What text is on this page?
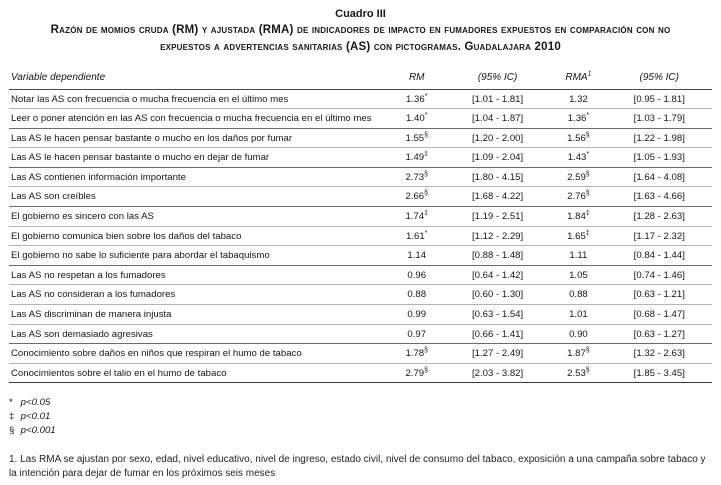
Cuadro III
Razón de momios cruda (RM) y ajustada (RMA) de indicadores de impacto en fumadores expuestos en comparación con no expuestos a advertencias sanitarias (AS) con pictogramas. Guadalajara 2010
Variable dependiente	RM	(95% IC)	RMA$^1$	(95% IC)
Notar las AS con frecuencia o mucha frecuencia en el último mes	1.36*	[1.01 - 1.81]	1.32	[0.95 - 1.81]
Leer o poner atención en las AS con frecuencia o mucha frecuencia en el último mes	1.40*	[1.04 - 1.87]	1.36*	[1.03 - 1.79]
Las AS le hacen pensar bastante o mucho en los daños por fumar	1.55§	[1.20 - 2.00]	1.56§	[1.22 - 1.98]
Las AS le hacen pensar bastante o mucho en dejar de fumar	1.49‡	[1.09 - 2.04]	1.43*	[1.05 - 1.93]
Las AS contienen información importante	2.73§	[1.80 - 4.15]	2.59§	[1.64 - 4.08]
Las AS son creíbles	2.66§	[1.68 - 4.22]	2.76§	[1.63 - 4.66]
El gobierno es sincero con las AS	1.74‡	[1.19 - 2.51]	1.84‡	[1.28 - 2.63]
El gobierno comunica bien sobre los daños del tabaco	1.61*	[1.12 - 2.29]	1.65‡	[1.17 - 2.32]
El gobierno no sabe lo suficiente para abordar el tabaquismo	1.14	[0.88 - 1.48]	1.11	[0.84 - 1.44]
Las AS no respetan a los fumadores	0.96	[0.64 - 1.42]	1.05	[0.74 - 1.46]
Las AS no consideran a los fumadores	0.88	[0.60 - 1.30]	0.88	[0.63 - 1.21]
Las AS discriminan de manera injusta	0.99	[0.63 - 1.54]	1.01	[0.68 - 1.47]
Las AS son demasiado agresivas	0.97	[0.66 - 1.41]	0.90	[0.63 - 1.27]
Conocimiento sobre daños en niños que respiran el humo de tabaco	1.78§	[1.27 - 2.49]	1.87§	[1.32 - 2.63]
Conocimientos sobre el talio en el humo de tabaco	2.79§	[2.03 - 3.82]	2.53§	[1.85 - 3.45]
* p<0.05
‡ p<0.01
§ p<0.001
1. Las RMA se ajustan por sexo, edad, nivel educativo, nivel de ingreso, estado civil, nivel de consumo del tabaco, exposición a una campaña sobre tabaco y la intención para dejar de fumar en los próximos seis meses
